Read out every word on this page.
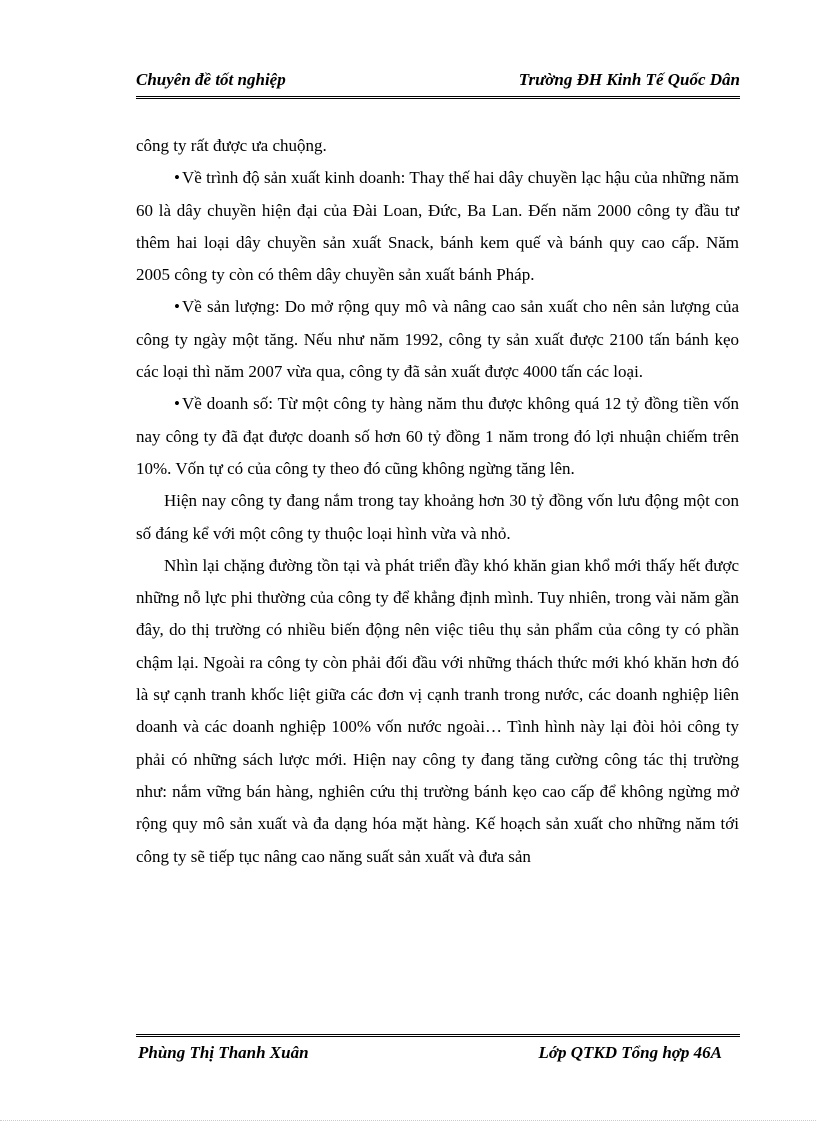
Chuyên đề tốt nghiệp	Trường ĐH Kinh Tế Quốc Dân

công ty rất được ưa chuộng.

• Về trình độ sản xuất kinh doanh: Thay thế hai dây chuyền lạc hậu của những năm 60 là dây chuyền hiện đại của Đài Loan, Đức, Ba Lan. Đến năm 2000 công ty đầu tư thêm hai loại dây chuyền sản xuất Snack, bánh kem quế và bánh quy cao cấp. Năm 2005 công ty còn có thêm dây chuyền sản xuất bánh Pháp.

• Về sản lượng: Do mở rộng quy mô và nâng cao sản xuất cho nên sản lượng của công ty ngày một tăng. Nếu như năm 1992, công ty sản xuất được 2100 tấn bánh kẹo các loại thì năm 2007 vừa qua, công ty đã sản xuất được 4000 tấn các loại.

• Về doanh số: Từ một công ty hàng năm thu được không quá 12 tỷ đồng tiền vốn nay công ty đã đạt được doanh số hơn 60 tỷ đồng 1 năm trong đó lợi nhuận chiếm trên 10%. Vốn tự có của công ty theo đó cũng không ngừng tăng lên.

Hiện nay công ty đang nắm trong tay khoảng hơn 30 tỷ đồng vốn lưu động một con số đáng kể với một công ty thuộc loại hình vừa và nhỏ.

Nhìn lại chặng đường tồn tại và phát triển đầy khó khăn gian khổ mới thấy hết được những nỗ lực phi thường của công ty để khẳng định mình. Tuy nhiên, trong vài năm gần đây, do thị trường có nhiều biến động nên việc tiêu thụ sản phẩm của công ty có phần chậm lại. Ngoài ra công ty còn phải đối đầu với những thách thức mới khó khăn hơn đó là sự cạnh tranh khốc liệt giữa các đơn vị cạnh tranh trong nước, các doanh nghiệp liên doanh và các doanh nghiệp 100% vốn nước ngoài… Tình hình này lại đòi hỏi công ty phải có những sách lược mới. Hiện nay công ty đang tăng cường công tác thị trường như: nắm vững bán hàng, nghiên cứu thị trường bánh kẹo cao cấp để không ngừng mở rộng quy mô sản xuất và đa dạng hóa mặt hàng. Kế hoạch sản xuất cho những năm tới công ty sẽ tiếp tục nâng cao năng suất sản xuất và đưa sản

Phùng Thị Thanh Xuân	Lớp QTKD Tổng hợp 46A
